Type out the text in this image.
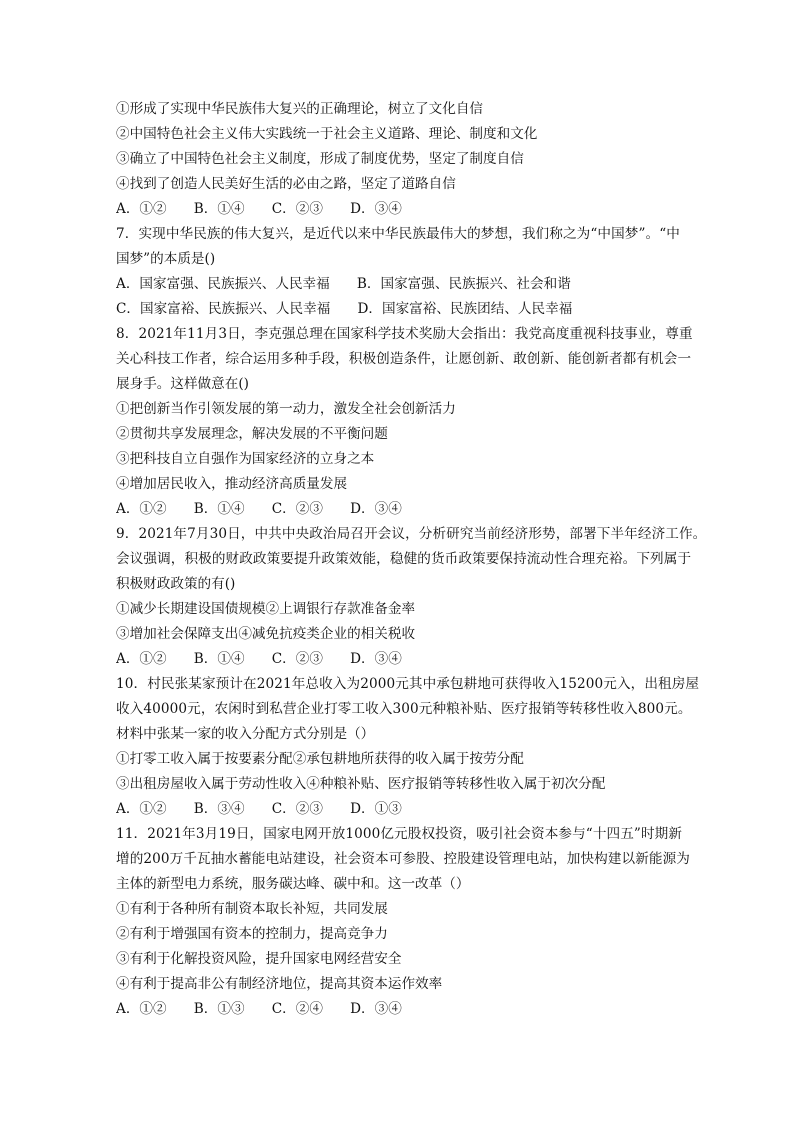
①形成了实现中华民族伟大复兴的正确理论，树立了文化自信
②中国特色社会主义伟大实践统一于社会主义道路、理论、制度和文化
③确立了中国特色社会主义制度，形成了制度优势，坚定了制度自信
④找到了创造人民美好生活的必由之路，坚定了道路自信
A．①②　　B．①④　　C．②③　　D．③④
7．实现中华民族的伟大复兴，是近代以来中华民族最伟大的梦想，我们称之为“中国梦”。“中
国梦”的本质是()
A．国家富强、民族振兴、人民幸福　　B．国家富强、民族振兴、社会和谐
C．国家富裕、民族振兴、人民幸福　　D．国家富裕、民族团结、人民幸福
8．2021年11月3日，李克强总理在国家科学技术奖励大会指出：我党高度重视科技事业，尊重
关心科技工作者，综合运用多种手段，积极创造条件，让愿创新、敢创新、能创新者都有机会一
展身手。这样做意在()
①把创新当作引领发展的第一动力，激发全社会创新活力
②贯彻共享发展理念，解决发展的不平衡问题
③把科技自立自强作为国家经济的立身之本
④增加居民收入，推动经济高质量发展
A．①②　　B．①④　　C．②③　　D．③④
9．2021年7月30日，中共中央政治局召开会议，分析研究当前经济形势，部署下半年经济工作。
会议强调，积极的财政政策要提升政策效能，稳健的货币政策要保持流动性合理充裕。下列属于
积极财政政策的有()
①减少长期建设国债规模②上调银行存款准备金率
③增加社会保障支出④减免抗疫类企业的相关税收
A．①②　　B．①④　　C．②③　　D．③④
10．村民张某家预计在2021年总收入为2000元其中承包耕地可获得收入15200元入，出租房屋
收入40000元，农闲时到私营企业打零工收入300元种粮补贴、医疗报销等转移性收入800元。
材料中张某一家的收入分配方式分别是（）
①打零工收入属于按要素分配②承包耕地所获得的收入属于按劳分配
③出租房屋收入属于劳动性收入④种粮补贴、医疗报销等转移性收入属于初次分配
A．①②　　B．③④　　C．②③　　D．①③
11．2021年3月19日，国家电网开放1000亿元股权投资，吸引社会资本参与“十四五”时期新
增的200万千瓦抽水蓄能电站建设，社会资本可参股、控股建设管理电站，加快构建以新能源为
主体的新型电力系统，服务碳达峰、碳中和。这一改革（）
①有利于各种所有制资本取长补短，共同发展
②有利于增强国有资本的控制力，提高竞争力
③有利于化解投资风险，提升国家电网经营安全
④有利于提高非公有制经济地位，提高其资本运作效率
A．①②　　B．①③　　C．②④　　D．③④
